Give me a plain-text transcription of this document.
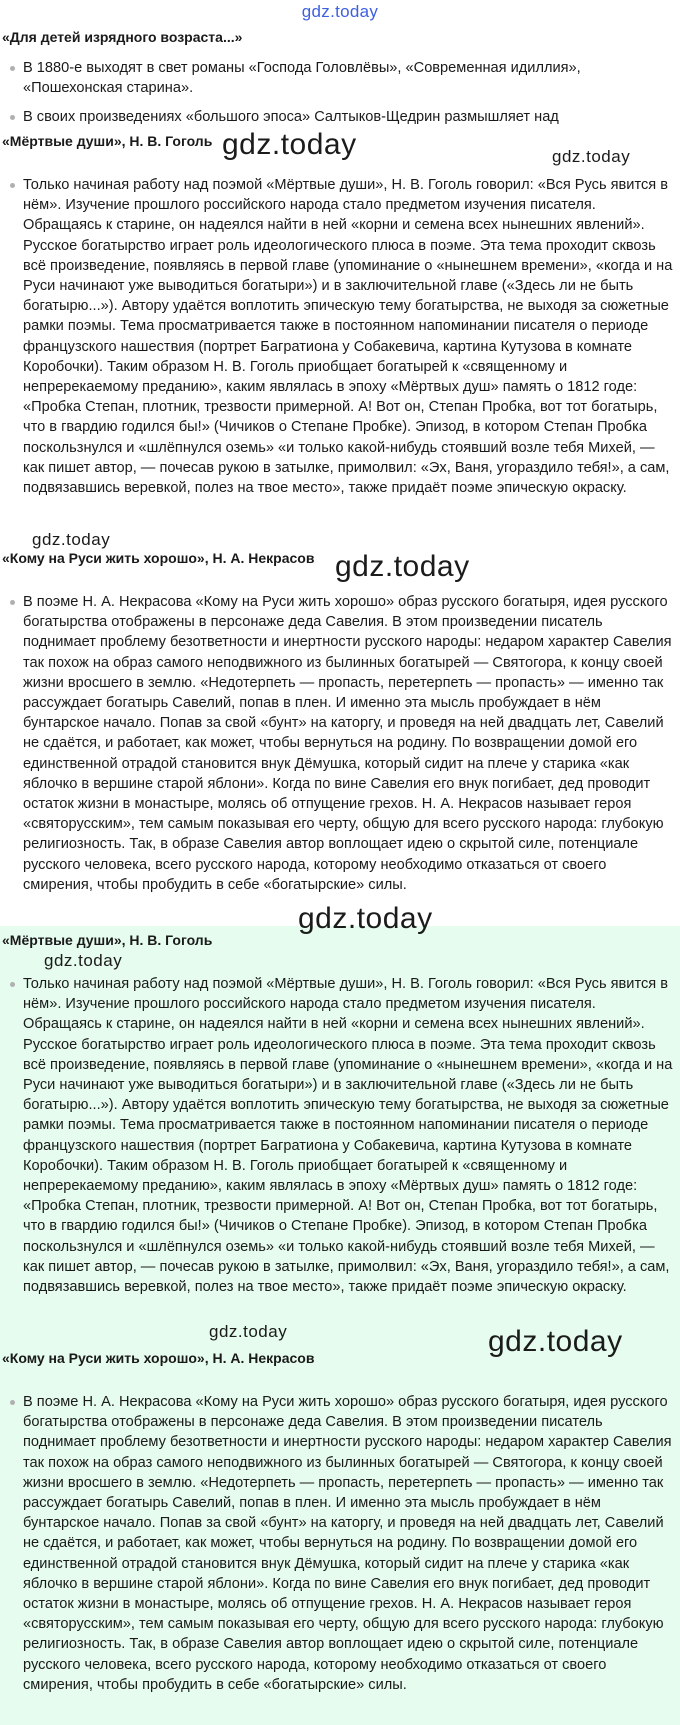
gdz.today
«Для детей изрядного возраста...»
В 1880-е выходят в свет романы «Господа Головлёвы», «Современная идиллия», «Пошехонская старина».
В своих произведениях «большого эпоса» Салтыков-Щедрин размышляет над
«Мёртвые души», Н. В. Гоголь
Только начиная работу над поэмой «Мёртвые души», Н. В. Гоголь говорил: «Вся Русь явится в нём». Изучение прошлого российского народа стало предметом изучения писателя. Обращаясь к старине, он надеялся найти в ней «корни и семена всех нынешних явлений». Русское богатырство играет роль идеологического плюса в поэме. Эта тема проходит сквозь всё произведение, появляясь в первой главе (упоминание о «нынешнем времени», «когда и на Руси начинают уже выводиться богатыри») и в заключительной главе («Здесь ли не быть богатырю...»). Автору удаётся воплотить эпическую тему богатырства, не выходя за сюжетные рамки поэмы. Тема просматривается также в постоянном напоминании писателя о периоде французского нашествия (портрет Багратиона у Собакевича, картина Кутузова в комнате Коробочки). Таким образом Н. В. Гоголь приобщает богатырей к «священному и непререкаемому преданию», каким являлась в эпоху «Мёртвых душ» память о 1812 годе: «Пробка Степан, плотник, трезвости примерной. А! Вот он, Степан Пробка, вот тот богатырь, что в гвардию годился бы!» (Чичиков о Степане Пробке). Эпизод, в котором Степан Пробка поскользнулся и «шлёпнулся оземь» «и только какой-нибудь стоявший возле тебя Михей, — как пишет автор, — почесав рукою в затылке, примолвил: «Эх, Ваня, угораздило тебя!», а сам, подвязавшись веревкой, полез на твое место», также придаёт поэме эпическую окраску.
«Кому на Руси жить хорошо», Н. А. Некрасов
В поэме Н. А. Некрасова «Кому на Руси жить хорошо» образ русского богатыря, идея русского богатырства отображены в персонаже деда Савелия. В этом произведении писатель поднимает проблему безответности и инертности русского народы: недаром характер Савелия так похож на образ самого неподвижного из былинных богатырей — Святогора, к концу своей жизни вросшего в землю. «Недотерпеть — пропасть, перетерпеть — пропасть» — именно так рассуждает богатырь Савелий, попав в плен. И именно эта мысль пробуждает в нём бунтарское начало. Попав за свой «бунт» на каторгу, и проведя на ней двадцать лет, Савелий не сдаётся, и работает, как может, чтобы вернуться на родину. По возвращении домой его единственной отрадой становится внук Дёмушка, который сидит на плече у старика «как яблочко в вершине старой яблони». Когда по вине Савелия его внук погибает, дед проводит остаток жизни в монастыре, молясь об отпущение грехов. Н. А. Некрасов называет героя «святорусским», тем самым показывая его черту, общую для всего русского народа: глубокую религиозность. Так, в образе Савелия автор воплощает идею о скрытой силе, потенциале русского человека, всего русского народа, которому необходимо отказаться от своего смирения, чтобы пробудить в себе «богатырские» силы.
«Мёртвые души», Н. В. Гоголь
Только начиная работу над поэмой «Мёртвые души», Н. В. Гоголь говорил: «Вся Русь явится в нём». Изучение прошлого российского народа стало предметом изучения писателя. Обращаясь к старине, он надеялся найти в ней «корни и семена всех нынешних явлений». Русское богатырство играет роль идеологического плюса в поэме. Эта тема проходит сквозь всё произведение, появляясь в первой главе (упоминание о «нынешнем времени», «когда и на Руси начинают уже выводиться богатыри») и в заключительной главе («Здесь ли не быть богатырю...»). Автору удаётся воплотить эпическую тему богатырства, не выходя за сюжетные рамки поэмы. Тема просматривается также в постоянном напоминании писателя о периоде французского нашествия (портрет Багратиона у Собакевича, картина Кутузова в комнате Коробочки). Таким образом Н. В. Гоголь приобщает богатырей к «священному и непререкаемому преданию», каким являлась в эпоху «Мёртвых душ» память о 1812 годе: «Пробка Степан, плотник, трезвости примерной. А! Вот он, Степан Пробка, вот тот богатырь, что в гвардию годился бы!» (Чичиков о Степане Пробке). Эпизод, в котором Степан Пробка поскользнулся и «шлёпнулся оземь» «и только какой-нибудь стоявший возле тебя Михей, — как пишет автор, — почесав рукою в затылке, примолвил: «Эх, Ваня, угораздило тебя!», а сам, подвязавшись веревкой, полез на твое место», также придаёт поэме эпическую окраску.
«Кому на Руси жить хорошо», Н. А. Некрасов
В поэме Н. А. Некрасова «Кому на Руси жить хорошо» образ русского богатыря, идея русского богатырства отображены в персонаже деда Савелия. В этом произведении писатель поднимает проблему безответности и инертности русского народы: недаром характер Савелия так похож на образ самого неподвижного из былинных богатырей — Святогора, к концу своей жизни вросшего в землю. «Недотерпеть — пропасть, перетерпеть — пропасть» — именно так рассуждает богатырь Савелий, попав в плен. И именно эта мысль пробуждает в нём бунтарское начало. Попав за свой «бунт» на каторгу, и проведя на ней двадцать лет, Савелий не сдаётся, и работает, как может, чтобы вернуться на родину. По возвращении домой его единственной отрадой становится внук Дёмушка, который сидит на плече у старика «как яблочко в вершине старой яблони». Когда по вине Савелия его внук погибает, дед проводит остаток жизни в монастыре, молясь об отпущение грехов. Н. А. Некрасов называет героя «святорусским», тем самым показывая его черту, общую для всего русского народа: глубокую религиозность. Так, в образе Савелия автор воплощает идею о скрытой силе, потенциале русского человека, всего русского народа, которому необходимо отказаться от своего смирения, чтобы пробудить в себе «богатырские» силы.
gdz.today	gdz.today
gdz.today
gdz.today
gdz.today
gdz.today
gdz.today	gdz.today
